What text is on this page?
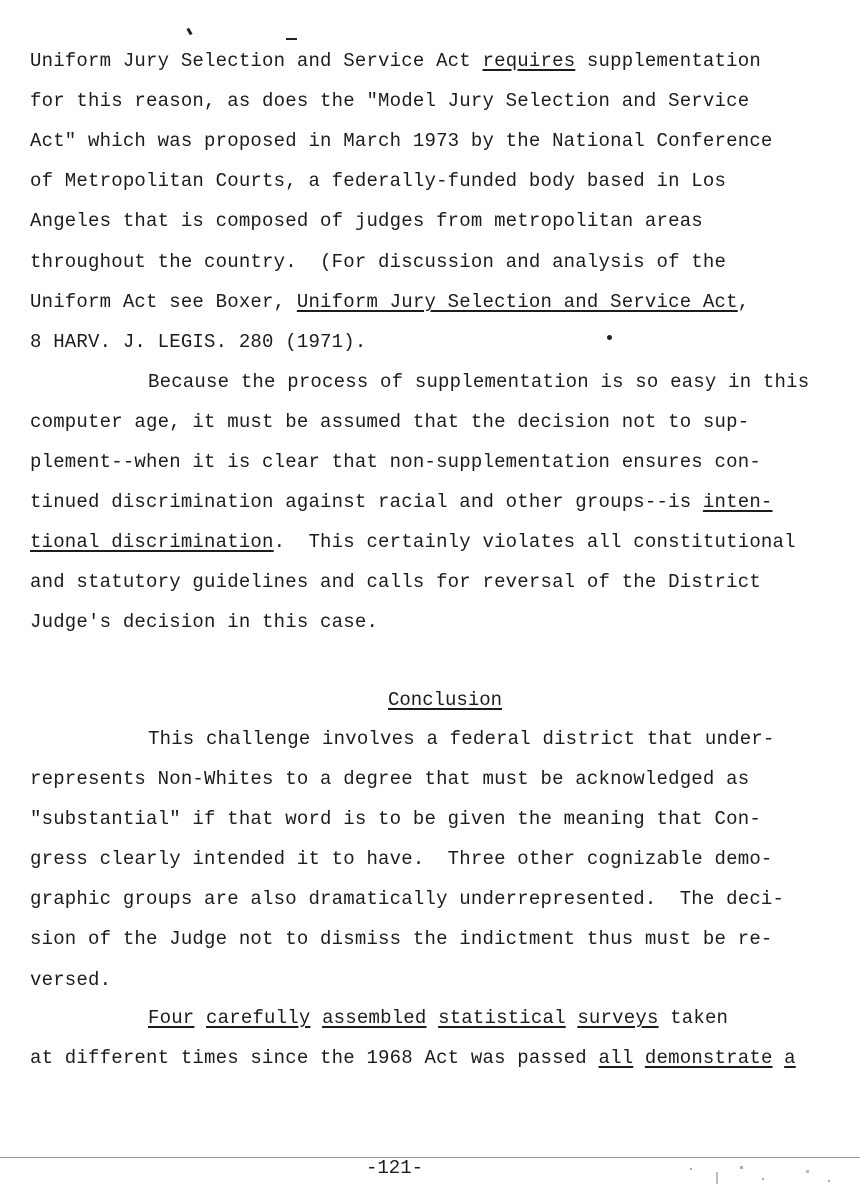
Uniform Jury Selection and Service Act requires supplementation
for this reason, as does the "Model Jury Selection and Service
Act" which was proposed in March 1973 by the National Conference
of Metropolitan Courts, a federally-funded body based in Los
Angeles that is composed of judges from metropolitan areas
throughout the country.  (For discussion and analysis of the
Uniform Act see Boxer, Uniform Jury Selection and Service Act,
8 HARV. J. LEGIS. 280 (1971).
Because the process of supplementation is so easy in this
computer age, it must be assumed that the decision not to sup-
plement--when it is clear that non-supplementation ensures con-
tinued discrimination against racial and other groups--is inten-
tional discrimination.  This certainly violates all constitutional
and statutory guidelines and calls for reversal of the District
Judge's decision in this case.
Conclusion
This challenge involves a federal district that under-
represents Non-Whites to a degree that must be acknowledged as
"substantial" if that word is to be given the meaning that Con-
gress clearly intended it to have.  Three other cognizable demo-
graphic groups are also dramatically underrepresented.  The deci-
sion of the Judge not to dismiss the indictment thus must be re-
versed.
Four carefully assembled statistical surveys taken
at different times since the 1968 Act was passed all demonstrate a
-121-
